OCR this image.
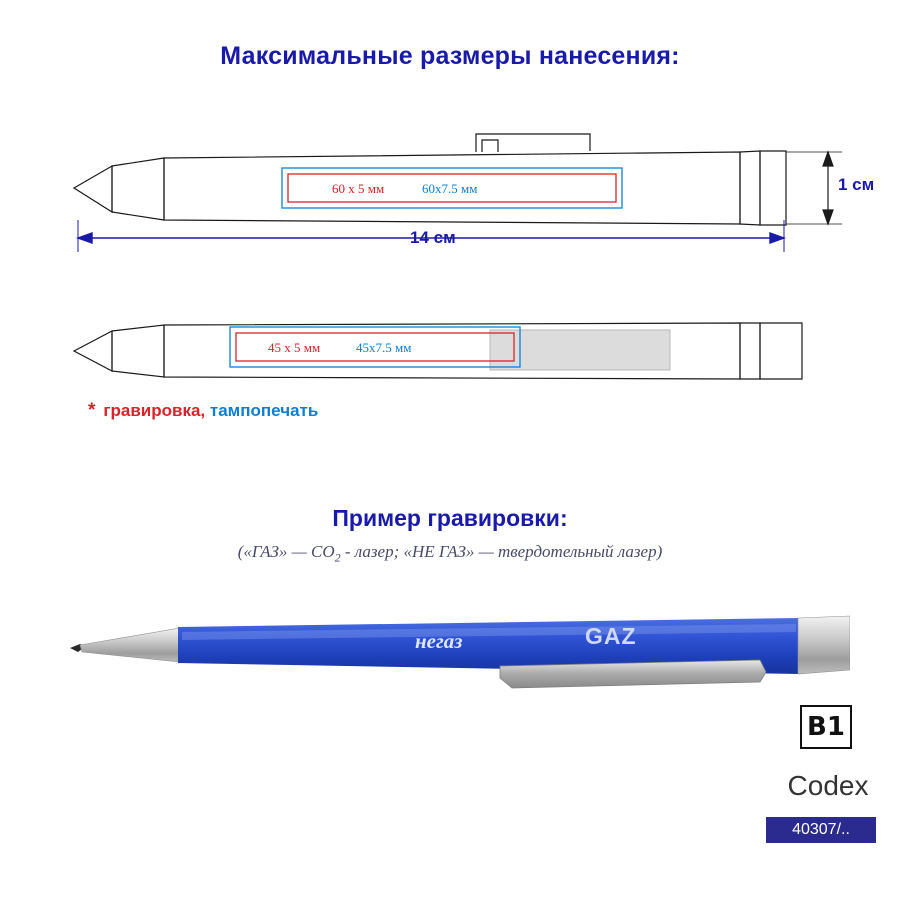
Максимальные размеры нанесения:
60 x 5 мм	60x7.5 мм
14 см
1 см
45 x 5 мм	45x7.5 мм
* гравировка, тампопечать
Пример гравировки:
(«ГАЗ» — $CO_2$ - лазер; «НЕ ГАЗ» — твердотельный лазер)
негаз	GAZ
B1
Codex
40307/..
